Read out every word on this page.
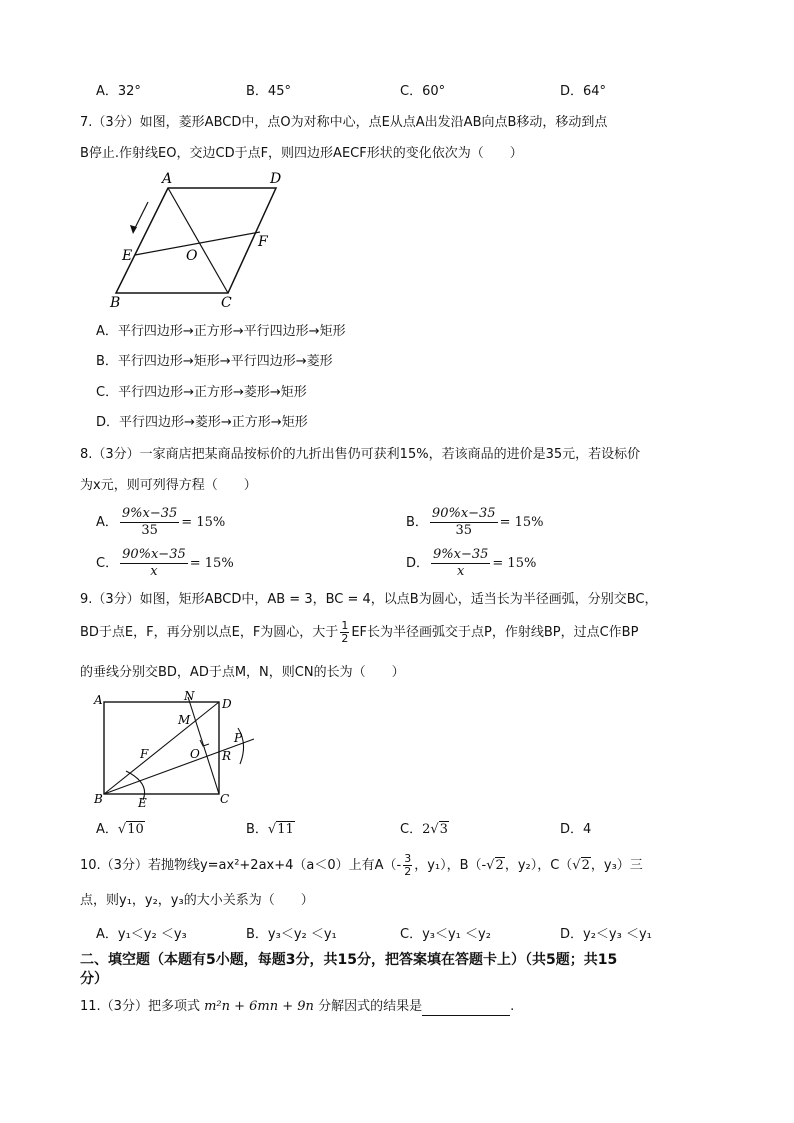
A．32°	B．45°	C．60°	D．64°
7.（3分）如图，菱形ABCD中，点O为对称中心，点E从点A出发沿AB向点B移动，移动到点
B停止.作射线EO，交边CD于点F，则四边形AECF形状的变化依次为（　　）
A	D
E	O
F
B	C
A．平行四边形→正方形→平行四边形→矩形
B．平行四边形→矩形→平行四边形→菱形
C．平行四边形→正方形→菱形→矩形
D．平行四边形→菱形→正方形→矩形
8.（3分）一家商店把某商品按标价的九折出售仍可获利15%，若该商品的进价是35元，若设标价
为x元，则可列得方程（　　）
A． $\frac{9\%x-35}{35} = 15\%$	B． $\frac{90\%x-35}{35} = 15\%$
C． $\frac{90\%x-35}{x} = 15\%$	D． $\frac{9\%x-35}{x} = 15\%$
9.（3分）如图，矩形ABCD中，AB = 3，BC = 4，以点B为圆心，适当长为半径画弧，分别交BC，
BD于点E，F，再分别以点E，F为圆心，大于 $\frac{1}{2}$ EF长为半径画弧交于点P，作射线BP，过点C作BP
的垂线分别交BD，AD于点M，N，则CN的长为（　　）
A	N
D
M
P
F	O R
B	E	C
A．√10	B．√11	C．2√3	D．4
10.（3分）若抛物线y=ax²+2ax+4（a＜0）上有$A(- \frac{3}{2}$ ，y₁），B（-√2，y₂），C（√2，y₃）三
点，则y₁，y₂，y₃的大小关系为（　　）
A．y₁＜y₂ ＜y₃	B．y₃＜y₂ ＜y₁	C．y₃＜y₁ ＜y₂	D．y₂＜y₃ ＜y₁
二、填空题（本题有5小题，每题3分，共15分，把答案填在答题卡上）（共5题；共15
分）
11.（3分）把多项式 m²n + 6mn + 9n 分解因式的结果是	.
